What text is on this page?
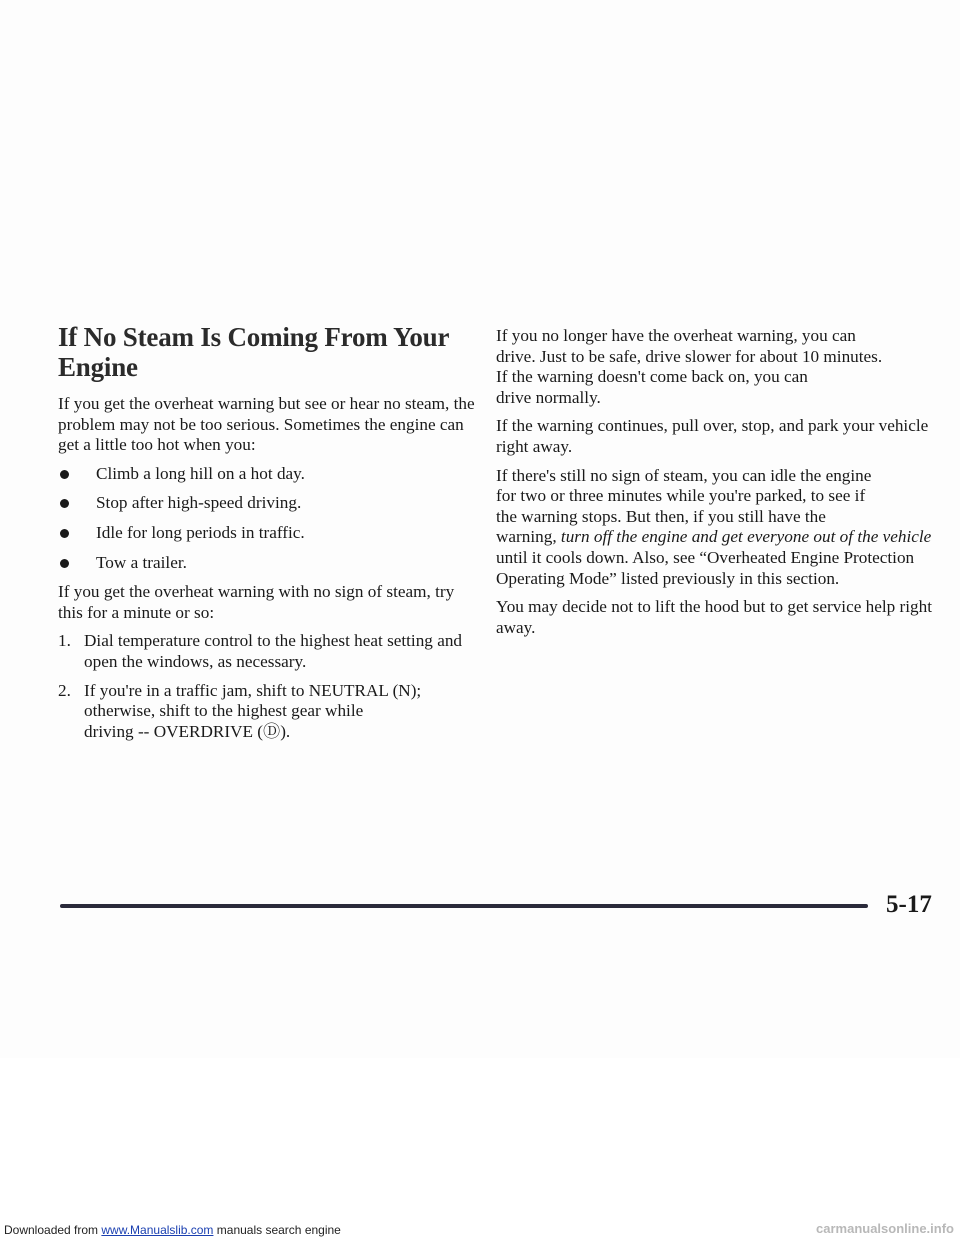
If No Steam Is Coming From Your Engine

If you get the overheat warning but see or hear no steam, the problem may not be too serious. Sometimes the engine can get a little too hot when you:

Climb a long hill on a hot day.
Stop after high-speed driving.
Idle for long periods in traffic.
Tow a trailer.

If you get the overheat warning with no sign of steam, try this for a minute or so:

1. Dial temperature control to the highest heat setting and open the windows, as necessary.
2. If you're in a traffic jam, shift to NEUTRAL (N);
otherwise, shift to the highest gear while
driving -- OVERDRIVE (Ⓓ).

If you no longer have the overheat warning, you can
drive. Just to be safe, drive slower for about 10 minutes.
If the warning doesn't come back on, you can
drive normally.

If the warning continues, pull over, stop, and park your vehicle right away.

If there's still no sign of steam, you can idle the engine
for two or three minutes while you're parked, to see if
the warning stops. But then, if you still have the
warning, turn off the engine and get everyone out of the vehicle until it cools down. Also, see “Overheated Engine Protection Operating Mode” listed previously in this section.

You may decide not to lift the hood but to get service help right away.

5-17
Downloaded from www.Manualslib.com manuals search engine	carmanualsonline.info
